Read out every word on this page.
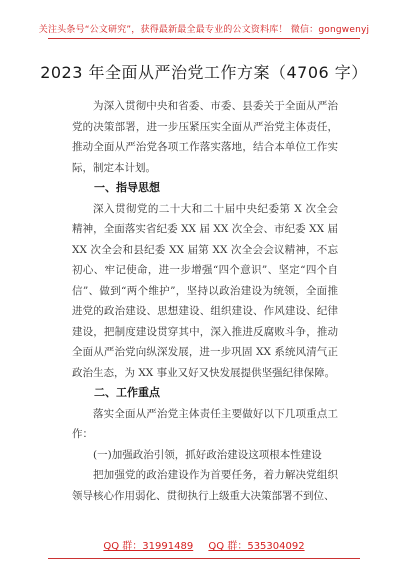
关注头条号“公文研究”，获得最新最全最专业的公文资料库！ 微信：gongwenyj
2023 年全面从严治党工作方案（4706 字）

为深入贯彻中央和省委、市委、县委关于全面从严治党的决策部署，进一步压紧压实全面从严治党主体责任，推动全面从严治党各项工作落实落地，结合本单位工作实际，制定本计划。

一、指导思想

深入贯彻党的二十大和二十届中央纪委第 X 次全会精神，全面落实省纪委 XX 届 XX 次全会、市纪委 XX 届 XX 次全会和县纪委 XX 届第 XX 次全会会议精神，不忘初心、牢记使命，进一步增强“四个意识”、坚定“四个自信”、做到“两个维护”，坚持以政治建设为统领，全面推进党的政治建设、思想建设、组织建设、作风建设、纪律建设，把制度建设贯穿其中，深入推进反腐败斗争，推动全面从严治党向纵深发展，进一步巩固 XX 系统风清气正政治生态，为 XX 事业又好又快发展提供坚强纪律保障。

二、工作重点

落实全面从严治党主体责任主要做好以下几项重点工作：

(一)加强政治引领，抓好政治建设这项根本性建设

把加强党的政治建设作为首要任务，着力解决党组织领导核心作用弱化、贯彻执行上级重大决策部署不到位、

QQ 群：31991489 QQ 群：535304092
